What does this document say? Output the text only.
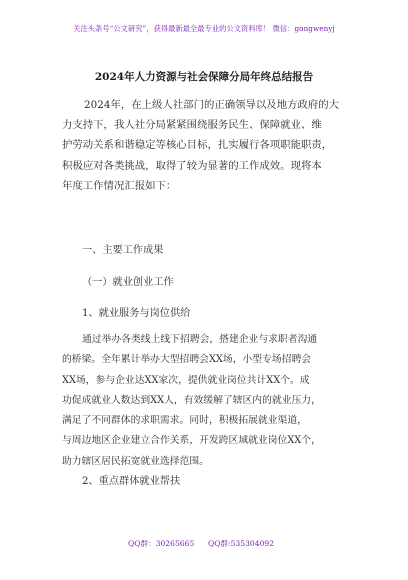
关注头条号“公文研究”，获得最新最全最专业的公文资料库！ 微信：gongwenyj
2024年人力资源与社会保障分局年终总结报告
2024年，在上级人社部门的正确领导以及地方政府的大
力支持下，我人社分局紧紧围绕服务民生、保障就业、维
护劳动关系和谐稳定等核心目标，扎实履行各项职能职责，
积极应对各类挑战，取得了较为显著的工作成效。现将本
年度工作情况汇报如下：
一、主要工作成果
（一）就业创业工作
1、就业服务与岗位供给
通过举办各类线上线下招聘会，搭建企业与求职者沟通
的桥梁。全年累计举办大型招聘会XX场，小型专场招聘会
XX场，参与企业达XX家次，提供就业岗位共计XX个。成
功促成就业人数达到XX人，有效缓解了辖区内的就业压力，
满足了不同群体的求职需求。同时，积极拓展就业渠道，
与周边地区企业建立合作关系，开发跨区域就业岗位XX个，
助力辖区居民拓宽就业选择范围。
2、重点群体就业帮扶
QQ群：30265665 QQ群:535304092
